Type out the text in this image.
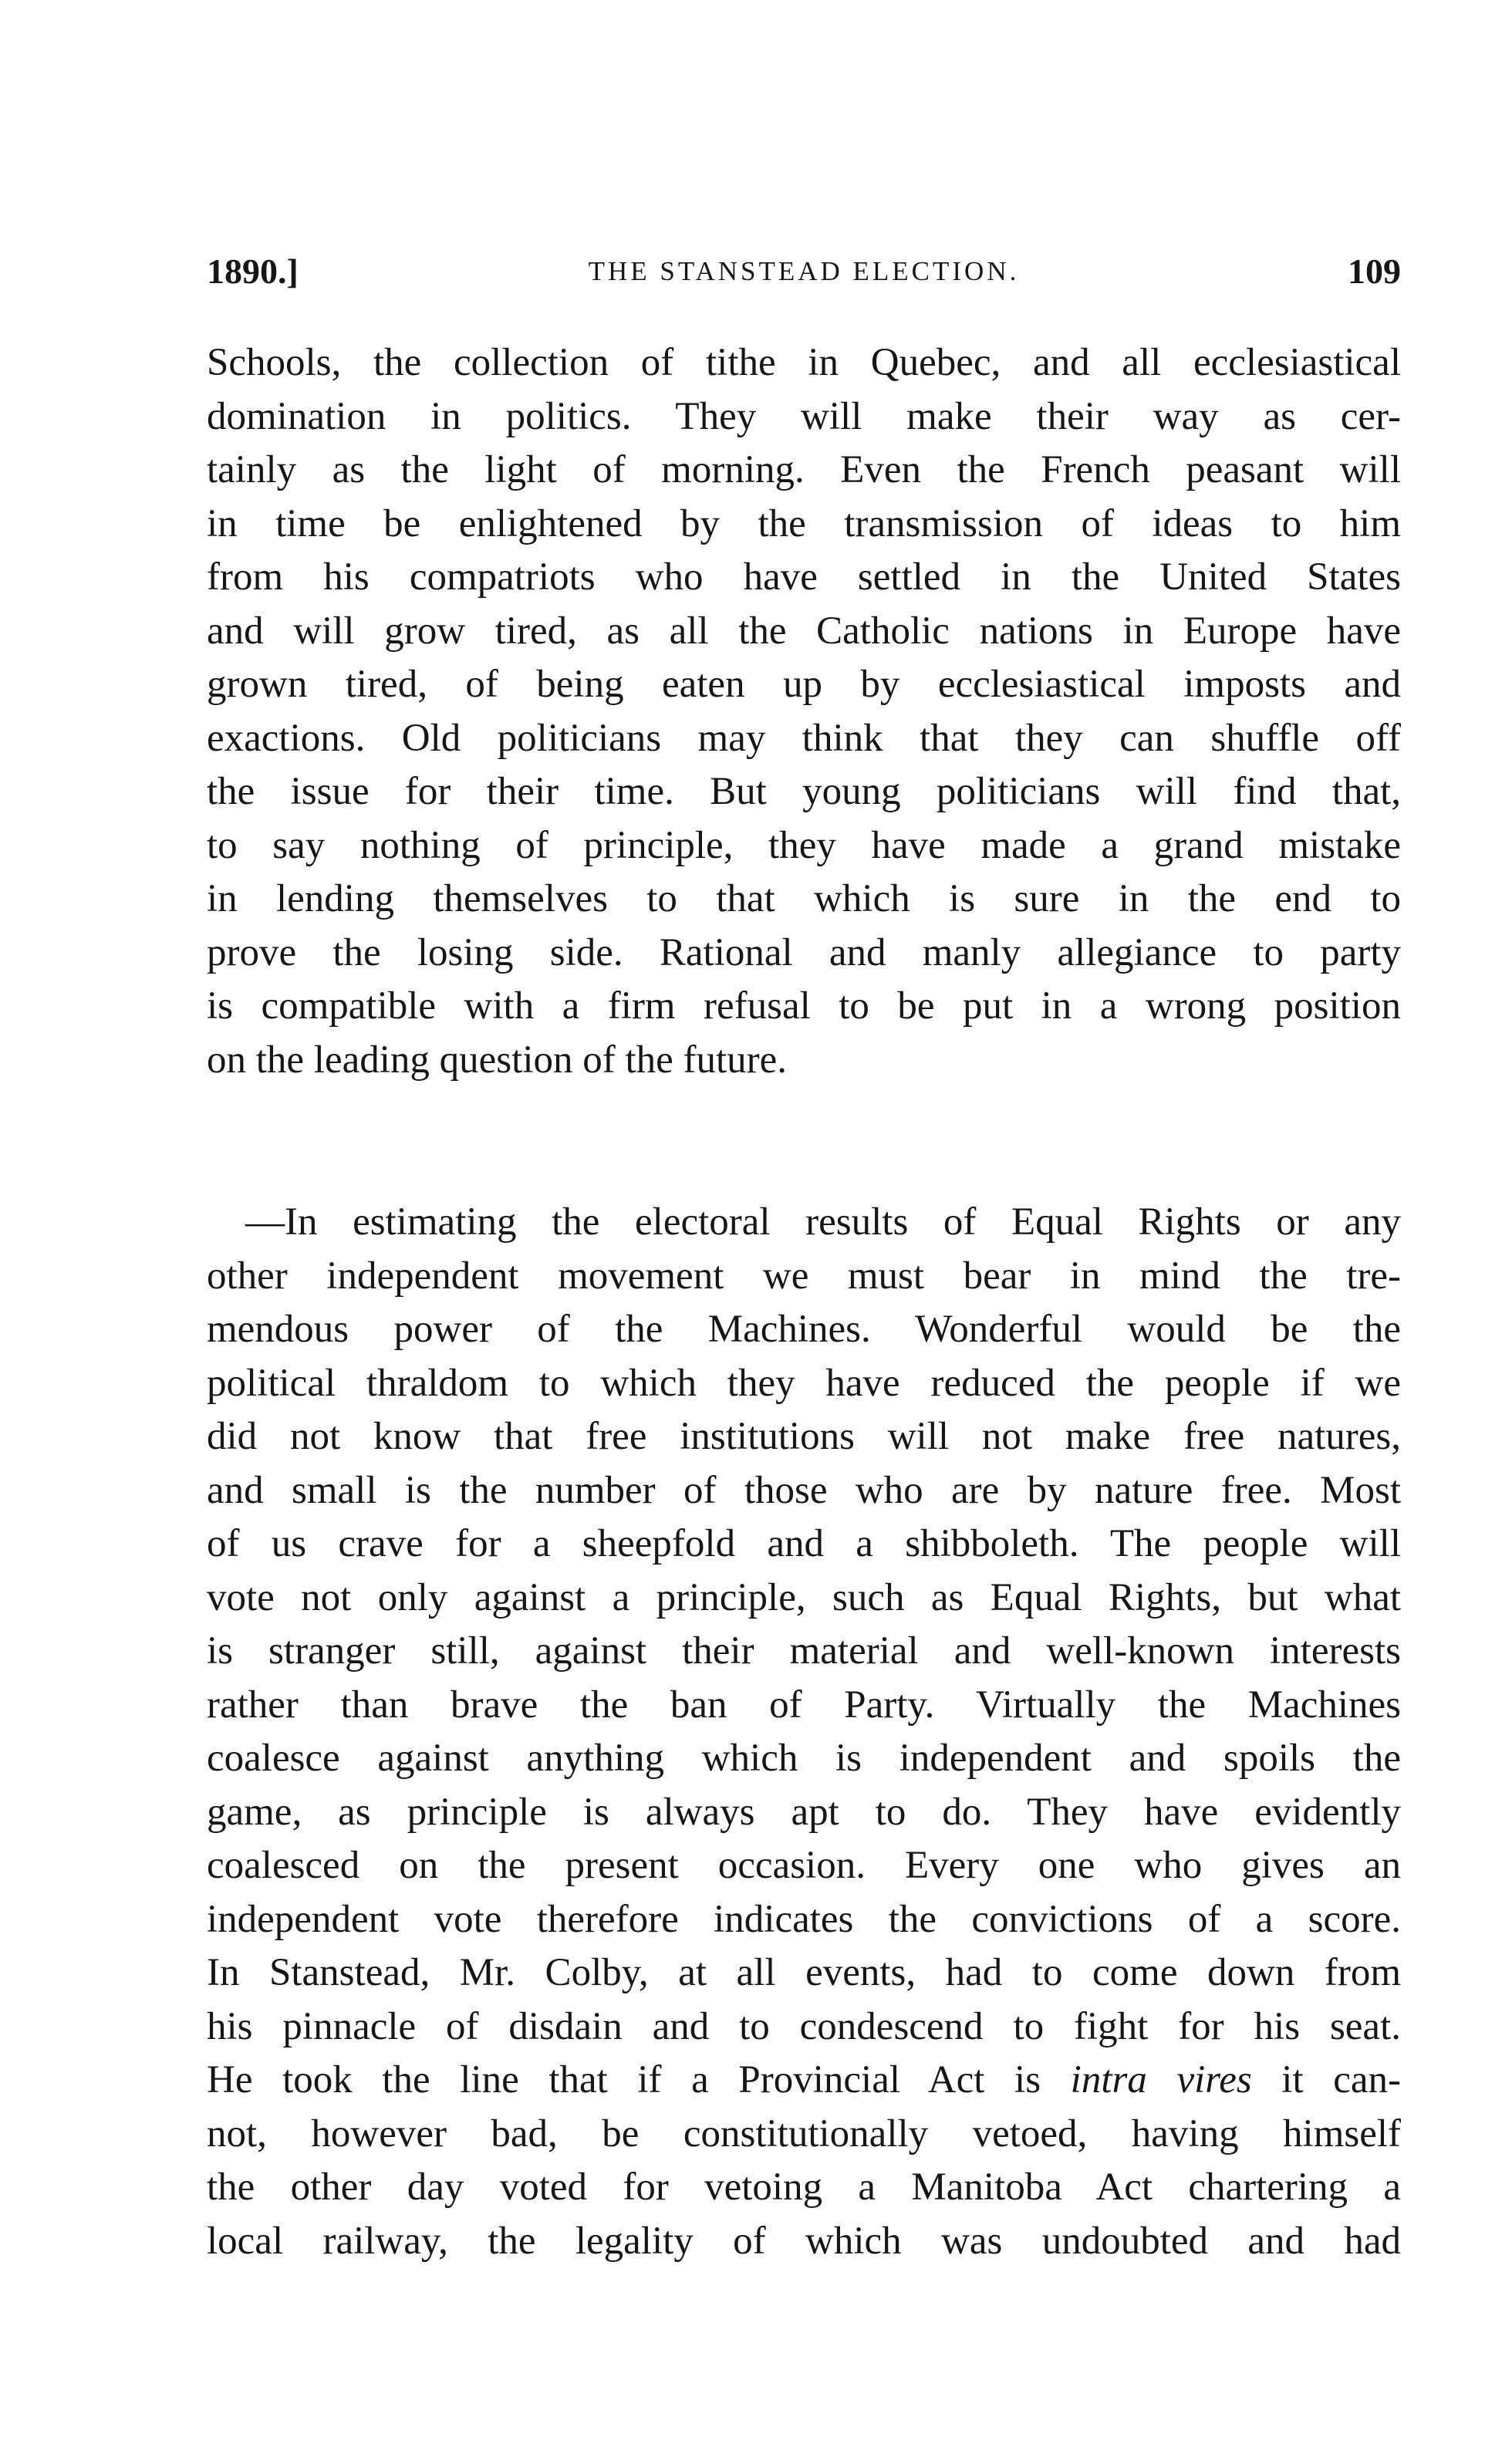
1890.]	THE STANSTEAD ELECTION.	109
Schools, the collection of tithe in Quebec, and all ecclesiastical
domination in politics. They will make their way as cer-
tainly as the light of morning. Even the French peasant will
in time be enlightened by the transmission of ideas to him
from his compatriots who have settled in the United States
and will grow tired, as all the Catholic nations in Europe have
grown tired, of being eaten up by ecclesiastical imposts and
exactions. Old politicians may think that they can shuffle off
the issue for their time. But young politicians will find that,
to say nothing of principle, they have made a grand mistake
in lending themselves to that which is sure in the end to
prove the losing side. Rational and manly allegiance to party
is compatible with a firm refusal to be put in a wrong position
on the leading question of the future.
—In estimating the electoral results of Equal Rights or any
other independent movement we must bear in mind the tre-
mendous power of the Machines. Wonderful would be the
political thraldom to which they have reduced the people if we
did not know that free institutions will not make free natures,
and small is the number of those who are by nature free. Most
of us crave for a sheepfold and a shibboleth. The people will
vote not only against a principle, such as Equal Rights, but what
is stranger still, against their material and well-known interests
rather than brave the ban of Party. Virtually the Machines
coalesce against anything which is independent and spoils the
game, as principle is always apt to do. They have evidently
coalesced on the present occasion. Every one who gives an
independent vote therefore indicates the convictions of a score.
In Stanstead, Mr. Colby, at all events, had to come down from
his pinnacle of disdain and to condescend to fight for his seat.
He took the line that if a Provincial Act is intra vires it can-
not, however bad, be constitutionally vetoed, having himself
the other day voted for vetoing a Manitoba Act chartering a
local railway, the legality of which was undoubted and had
